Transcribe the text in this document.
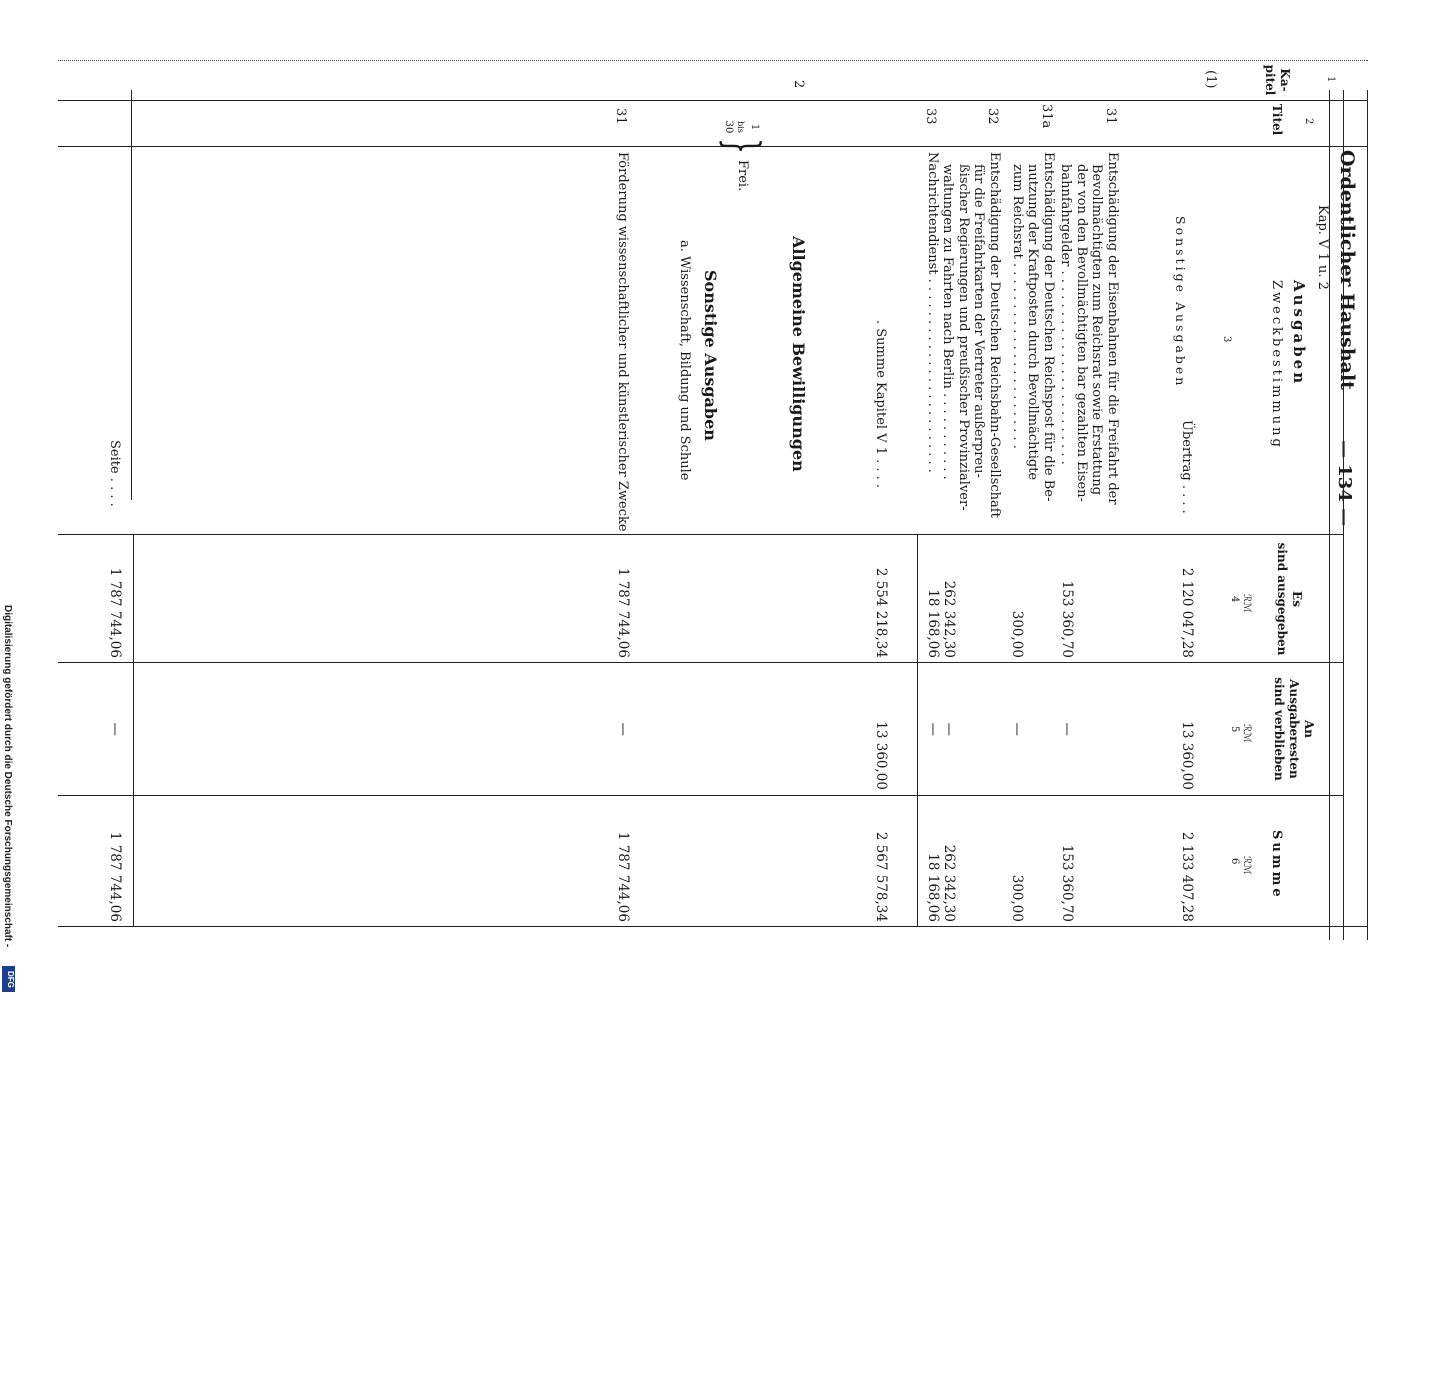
Ordentlicher Haushalt
Kap. V 1 u. 2
— 134 —
Ka-
pitel
Titel
Ausgaben
Zweckbestimmung
Es
sind ausgegeben
An
Ausgaberesten
sind verblieben
Summe
ℛℳ
ℛℳ
ℛℳ
1
2
3
4
5
6
(1)
Sonstige Ausgaben
Übertrag . . . .
2 120 047,28
13 360,00
2 133 407,28
31
Entschädigung der Eisenbahnen für die Freifahrt der
Bevollmächtigten zum Reichsrat sowie Erstattung
der von den Bevollmächtigten bar gezahlten Eisen-
bahnfahrgelder . . . . . . . . . . . . . . . . . . . . . . . .
153 360,70
—
153 360,70
31a
Entschädigung der Deutschen Reichspost für die Be-
nutzung der Kraftposten durch Bevollmächtigte
zum Reichsrat . . . . . . . . . . . . . . . . . . . . . . .
300,00
—
300,00
32
Entschädigung der Deutschen Reichsbahn-Gesellschaft
für die Freifahrkarten der Vertreter außerpreu-
ßischer Regierungen und preußischer Provinzialver-
waltungen zu Fahrten nach Berlin . . . . . . . . . . .
262 342,30
—
262 342,30
33
Nachrichtendienst . . . . . . . . . . . . . . . . . . . . . . . .
18 168,06
—
18 168,06
. Summe Kapitel V 1 . . . .
2 554 218,34
13 360,00
2 567 578,34
2
Allgemeine Bewilligungen
1
bis
30
}
Frei.
Sonstige Ausgaben
a. Wissenschaft, Bildung und Schule
31
Förderung wissenschaftlicher und künstlerischer Zwecke
1 787 744,06
—
1 787 744,06
Seite . . . .
1 787 744,06
—
1 787 744,06
Digitalisierung gefördert durch die Deutsche Forschungsgemeinschaft -
DFG
